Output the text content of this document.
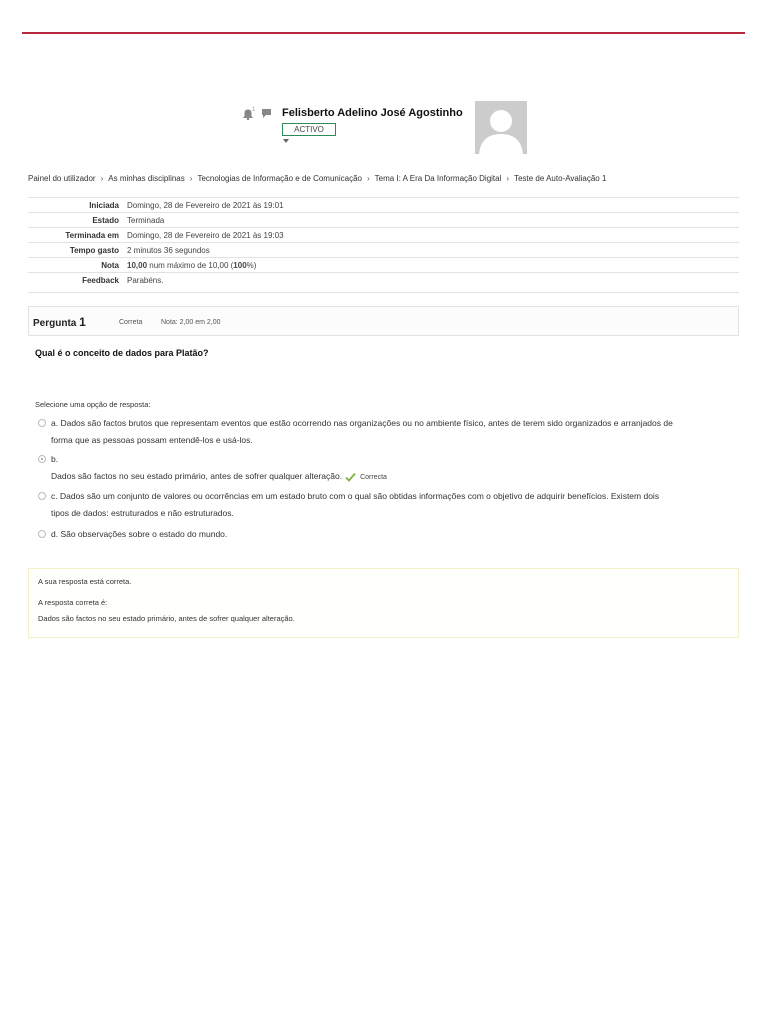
1 Felisberto Adelino José Agostinho
ACTIVO
Painel do utilizador › As minhas disciplinas › Tecnologias de Informação e de Comunicação › Tema I: A Era Da Informação Digital › Teste de Auto-Avaliação 1
Iniciada	Domingo, 28 de Fevereiro de 2021 às 19:01
Estado	Terminada
Terminada em	Domingo, 28 de Fevereiro de 2021 às 19:03
Tempo gasto	2 minutos 36 segundos
Nota	10,00 num máximo de 10,00 (100%)
Feedback	Parabéns.
Pergunta 1	Correta	Nota: 2,00 em 2,00
Qual é o conceito de dados para Platão?
Selecione uma opção de resposta:
a. Dados são factos brutos que representam eventos que estão ocorrendo nas organizações ou no ambiente físico, antes de terem sido organizados e arranjados de
forma que as pessoas possam entendê-los e usá-los.
b.
Dados são factos no seu estado primário, antes de sofrer qualquer alteração.	Correcta
c. Dados são um conjunto de valores ou ocorrências em um estado bruto com o qual são obtidas informações com o objetivo de adquirir benefícios. Existem dois
tipos de dados: estruturados e não estruturados.
d. São observações sobre o estado do mundo.
A sua resposta está correta.
A resposta correta é:
Dados são factos no seu estado primário, antes de sofrer qualquer alteração.
